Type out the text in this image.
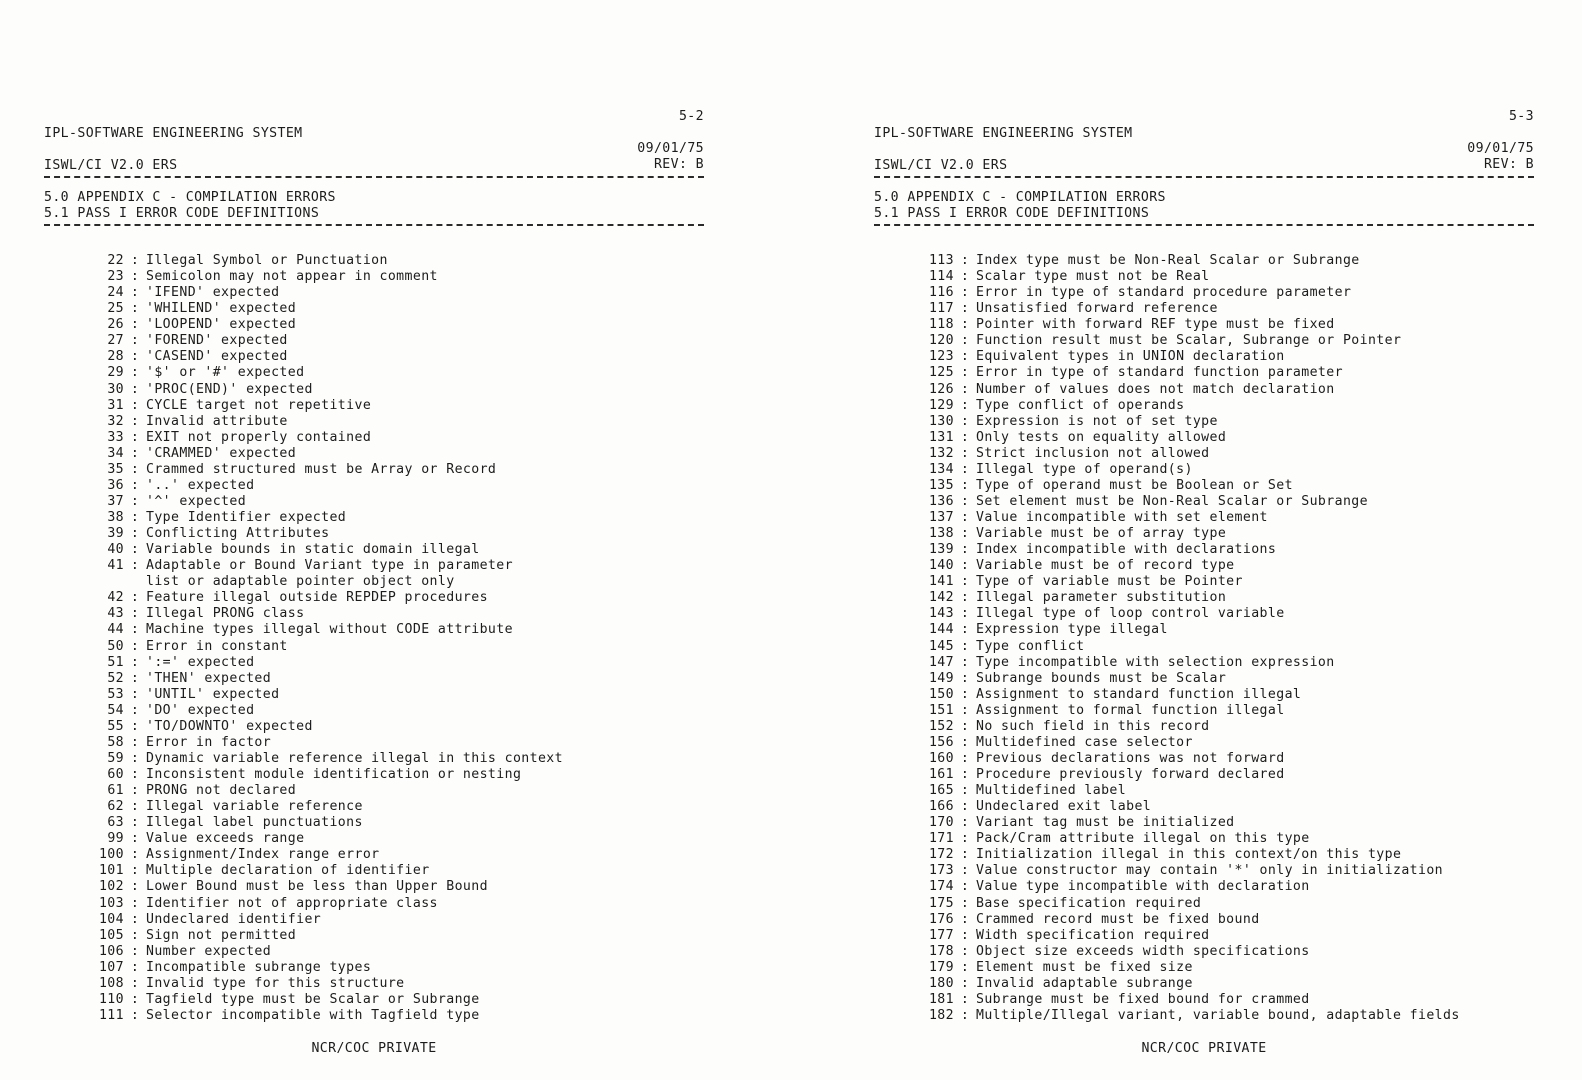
5-2
IPL-SOFTWARE ENGINEERING SYSTEM
09/01/75
ISWL/CI V2.0 ERS	REV: B
5.0 APPENDIX C - COMPILATION ERRORS
5.1 PASS I ERROR CODE DEFINITIONS
22 : Illegal Symbol or Punctuation
23 : Semicolon may not appear in comment
24 : 'IFEND' expected
25 : 'WHILEND' expected
26 : 'LOOPEND' expected
27 : 'FOREND' expected
28 : 'CASEND' expected
29 : '$' or '#' expected
30 : 'PROC(END)' expected
31 : CYCLE target not repetitive
32 : Invalid attribute
33 : EXIT not properly contained
34 : 'CRAMMED' expected
35 : Crammed structured must be Array or Record
36 : '..' expected
37 : '^' expected
38 : Type Identifier expected
39 : Conflicting Attributes
40 : Variable bounds in static domain illegal
41 : Adaptable or Bound Variant type in parameter
list or adaptable pointer object only
42 : Feature illegal outside REPDEP procedures
43 : Illegal PRONG class
44 : Machine types illegal without CODE attribute
50 : Error in constant
51 : ':=' expected
52 : 'THEN' expected
53 : 'UNTIL' expected
54 : 'DO' expected
55 : 'TO/DOWNTO' expected
58 : Error in factor
59 : Dynamic variable reference illegal in this context
60 : Inconsistent module identification or nesting
61 : PRONG not declared
62 : Illegal variable reference
63 : Illegal label punctuations
99 : Value exceeds range
100 : Assignment/Index range error
101 : Multiple declaration of identifier
102 : Lower Bound must be less than Upper Bound
103 : Identifier not of appropriate class
104 : Undeclared identifier
105 : Sign not permitted
106 : Number expected
107 : Incompatible subrange types
108 : Invalid type for this structure
110 : Tagfield type must be Scalar or Subrange
111 : Selector incompatible with Tagfield type
NCR/COC PRIVATE
5-3
IPL-SOFTWARE ENGINEERING SYSTEM
09/01/75
ISWL/CI V2.0 ERS	REV: B
5.0 APPENDIX C - COMPILATION ERRORS
5.1 PASS I ERROR CODE DEFINITIONS
113 : Index type must be Non-Real Scalar or Subrange
114 : Scalar type must not be Real
116 : Error in type of standard procedure parameter
117 : Unsatisfied forward reference
118 : Pointer with forward REF type must be fixed
120 : Function result must be Scalar, Subrange or Pointer
123 : Equivalent types in UNION declaration
125 : Error in type of standard function parameter
126 : Number of values does not match declaration
129 : Type conflict of operands
130 : Expression is not of set type
131 : Only tests on equality allowed
132 : Strict inclusion not allowed
134 : Illegal type of operand(s)
135 : Type of operand must be Boolean or Set
136 : Set element must be Non-Real Scalar or Subrange
137 : Value incompatible with set element
138 : Variable must be of array type
139 : Index incompatible with declarations
140 : Variable must be of record type
141 : Type of variable must be Pointer
142 : Illegal parameter substitution
143 : Illegal type of loop control variable
144 : Expression type illegal
145 : Type conflict
147 : Type incompatible with selection expression
149 : Subrange bounds must be Scalar
150 : Assignment to standard function illegal
151 : Assignment to formal function illegal
152 : No such field in this record
156 : Multidefined case selector
160 : Previous declarations was not forward
161 : Procedure previously forward declared
165 : Multidefined label
166 : Undeclared exit label
170 : Variant tag must be initialized
171 : Pack/Cram attribute illegal on this type
172 : Initialization illegal in this context/on this type
173 : Value constructor may contain '*' only in initialization
174 : Value type incompatible with declaration
175 : Base specification required
176 : Crammed record must be fixed bound
177 : Width specification required
178 : Object size exceeds width specifications
179 : Element must be fixed size
180 : Invalid adaptable subrange
181 : Subrange must be fixed bound for crammed
182 : Multiple/Illegal variant, variable bound, adaptable fields
NCR/COC PRIVATE
